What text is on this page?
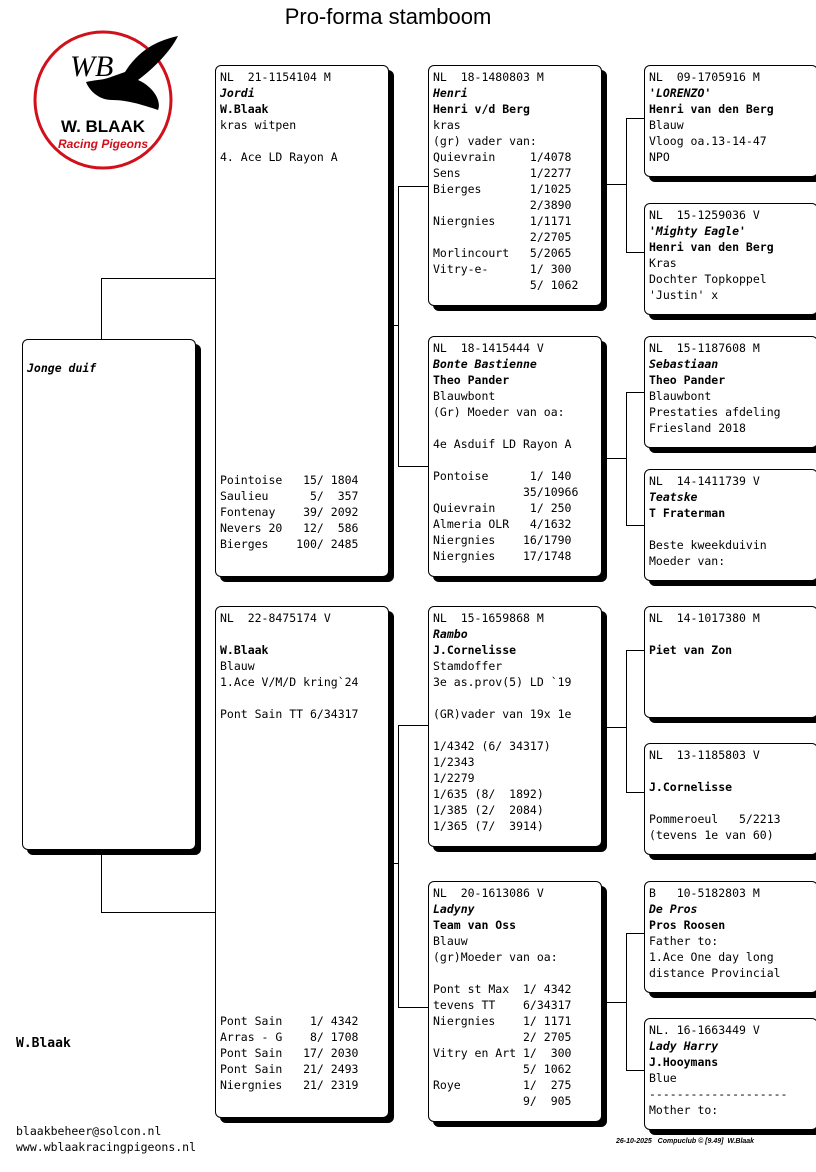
Pro-forma stamboom
WB
W. BLAAK
Racing Pigeons
Jonge duif
NL  21-1154104 M
Jordi
W.Blaak
kras witpen
4. Ace LD Rayon A
Pointoise   15/ 1804
Saulieu      5/  357
Fontenay    39/ 2092
Nevers 20   12/  586
Bierges    100/ 2485
NL  22-8475174 V
W.Blaak
Blauw
1.Ace V/M/D kring`24
Pont Sain TT 6/34317
Pont Sain    1/ 4342
Arras - G    8/ 1708
Pont Sain   17/ 2030
Pont Sain   21/ 2493
Niergnies   21/ 2319
NL  18-1480803 M
Henri
Henri v/d Berg
kras
(gr) vader van:
Quievrain     1/4078
Sens          1/2277
Bierges       1/1025
2/3890
Niergnies     1/1171
2/2705
Morlincourt   5/2065
Vitry-e-      1/ 300
5/ 1062
NL  18-1415444 V
Bonte Bastienne
Theo Pander
Blauwbont
(Gr) Moeder van oa:
4e Asduif LD Rayon A
Pontoise      1/ 140
35/10966
Quievrain     1/ 250
Almeria OLR   4/1632
Niergnies    16/1790
Niergnies    17/1748
NL  15-1659868 M
Rambo
J.Cornelisse
Stamdoffer
3e as.prov(5) LD `19
(GR)vader van 19x 1e
1/4342 (6/ 34317)
1/2343
1/2279
1/635 (8/  1892)
1/385 (2/  2084)
1/365 (7/  3914)
NL  20-1613086 V
Ladyny
Team van Oss
Blauw
(gr)Moeder van oa:
Pont st Max  1/ 4342
tevens TT    6/34317
Niergnies    1/ 1171
2/ 2705
Vitry en Art 1/  300
5/ 1062
Roye         1/  275
9/  905
NL  09-1705916 M
'LORENZO'
Henri van den Berg
Blauw
Vloog oa.13-14-47
NPO
NL  15-1259036 V
'Mighty Eagle'
Henri van den Berg
Kras
Dochter Topkoppel
'Justin' x
NL  15-1187608 M
Sebastiaan
Theo Pander
Blauwbont
Prestaties afdeling
Friesland 2018
NL  14-1411739 V
Teatske
T Fraterman
Beste kweekduivin
Moeder van:
NL  14-1017380 M
Piet van Zon
NL  13-1185803 V
J.Cornelisse
Pommeroeul   5/2213
(tevens 1e van 60)
B   10-5182803 M
De Pros
Pros Roosen
Father to:
1.Ace One day long
distance Provincial
NL. 16-1663449 V
Lady Harry
J.Hooymans
Blue
--------------------
Mother to:
W.Blaak
blaakbeheer@solcon.nl
www.wblaakracingpigeons.nl	26-10-2025   Compuclub © [9.49]  W.Blaak
